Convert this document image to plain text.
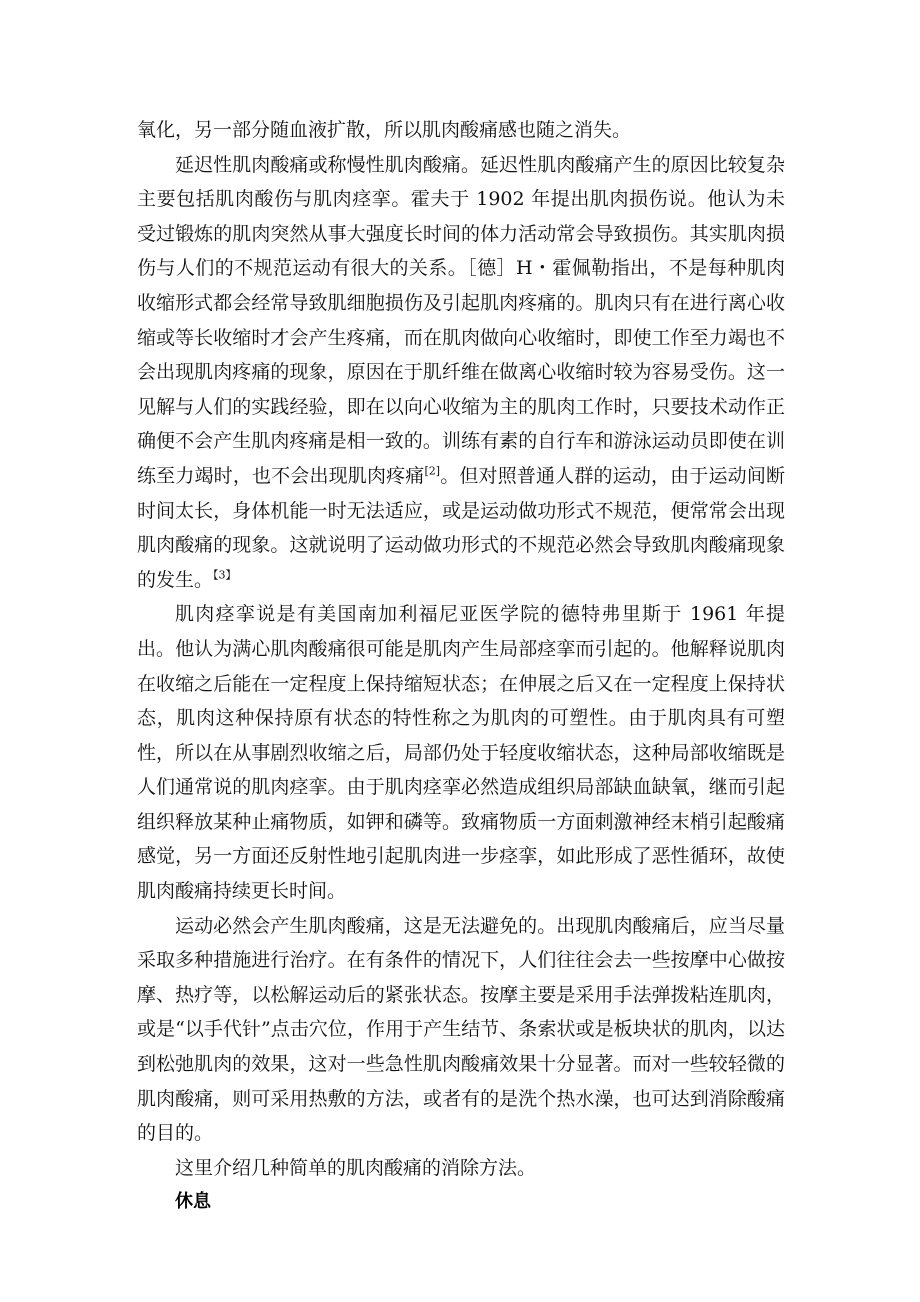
氧化，另一部分随血液扩散，所以肌肉酸痛感也随之消失。

延迟性肌肉酸痛或称慢性肌肉酸痛。延迟性肌肉酸痛产生的原因比较复杂主要包括肌肉酸伤与肌肉痉挛。霍夫于 1902 年提出肌肉损伤说。他认为未受过锻炼的肌肉突然从事大强度长时间的体力活动常会导致损伤。其实肌肉损伤与人们的不规范运动有很大的关系。［德］H・霍佩勒指出，不是每种肌肉收缩形式都会经常导致肌细胞损伤及引起肌肉疼痛的。肌肉只有在进行离心收缩或等长收缩时才会产生疼痛，而在肌肉做向心收缩时，即使工作至力竭也不会出现肌肉疼痛的现象，原因在于肌纤维在做离心收缩时较为容易受伤。这一见解与人们的实践经验，即在以向心收缩为主的肌肉工作时，只要技术动作正确便不会产生肌肉疼痛是相一致的。训练有素的自行车和游泳运动员即使在训练至力竭时，也不会出现肌肉疼痛[2]。但对照普通人群的运动，由于运动间断时间太长，身体机能一时无法适应，或是运动做功形式不规范，便常常会出现肌肉酸痛的现象。这就说明了运动做功形式的不规范必然会导致肌肉酸痛现象的发生。$^{【3】}$

肌肉痉挛说是有美国南加利福尼亚医学院的德特弗里斯于 1961 年提出。他认为满心肌肉酸痛很可能是肌肉产生局部痉挛而引起的。他解释说肌肉在收缩之后能在一定程度上保持缩短状态；在伸展之后又在一定程度上保持状态，肌肉这种保持原有状态的特性称之为肌肉的可塑性。由于肌肉具有可塑性，所以在从事剧烈收缩之后，局部仍处于轻度收缩状态，这种局部收缩既是人们通常说的肌肉痉挛。由于肌肉痉挛必然造成组织局部缺血缺氧，继而引起组织释放某种止痛物质，如钾和磷等。致痛物质一方面刺激神经末梢引起酸痛感觉，另一方面还反射性地引起肌肉进一步痉挛，如此形成了恶性循环，故使肌肉酸痛持续更长时间。

运动必然会产生肌肉酸痛，这是无法避免的。出现肌肉酸痛后，应当尽量采取多种措施进行治疗。在有条件的情况下，人们往往会去一些按摩中心做按摩、热疗等，以松解运动后的紧张状态。按摩主要是采用手法弹拨粘连肌肉，或是“以手代针”点击穴位，作用于产生结节、条索状或是板块状的肌肉，以达到松弛肌肉的效果，这对一些急性肌肉酸痛效果十分显著。而对一些较轻微的肌肉酸痛，则可采用热敷的方法，或者有的是洗个热水澡，也可达到消除酸痛的目的。

这里介绍几种简单的肌肉酸痛的消除方法。

休息
